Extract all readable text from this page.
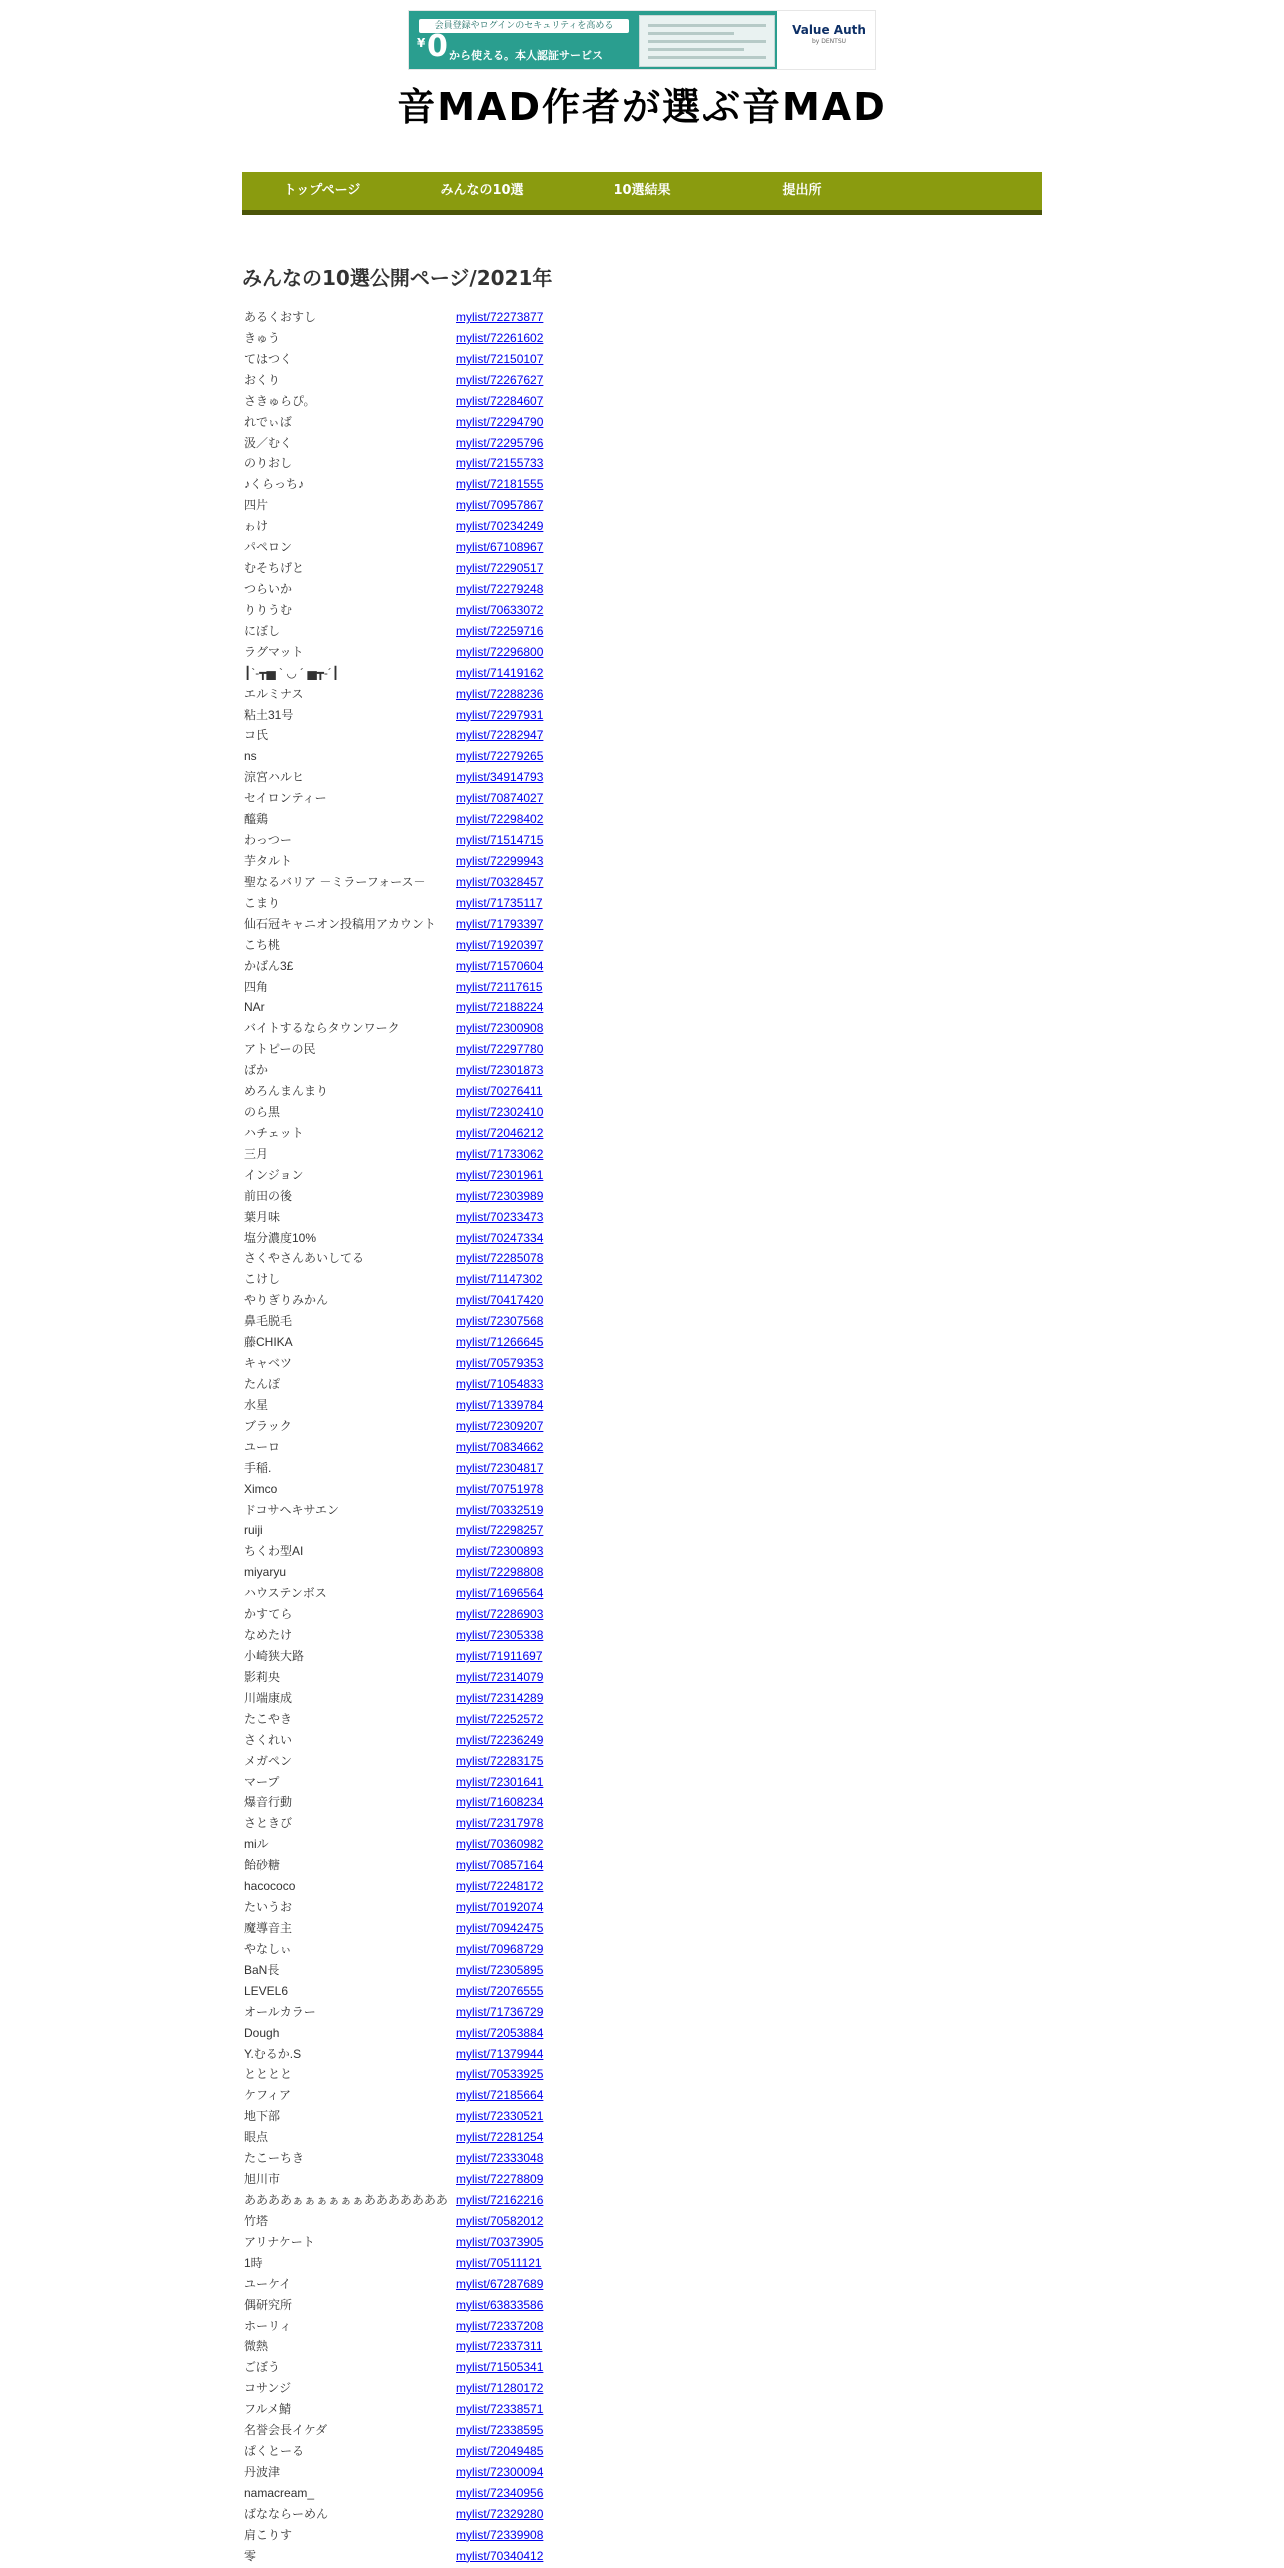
会員登録やログインのセキュリティを高める
¥ 0 から使える。本人認証サービス
Value Auth
by DENTSU
音MAD作者が選ぶ音MAD
トップページ	みんなの10選	10選結果	提出所
みんなの10選公開ページ/2021年
あるくおすし	mylist/72273877
きゅう	mylist/72261602
てはつく	mylist/72150107
おくり	mylist/72267627
さきゅらぴ。	mylist/72284607
れでぃば	mylist/72294790
汲／むく	mylist/72295796
のりおし	mylist/72155733
♪くらっち♪	mylist/72181555
四片	mylist/70957867
ゎけ	mylist/70234249
パペロン	mylist/67108967
むそちげと	mylist/72290517
つらいか	mylist/72279248
りりうむ	mylist/70633072
にぼし	mylist/72259716
ラグマット	mylist/72296800
┃`-┳▅ ` ◡ ´ ▅┳-´┃	mylist/71419162
エルミナス	mylist/72288236
粘土31号	mylist/72297931
コ氏	mylist/72282947
ns	mylist/72279265
涼宮ハルヒ	mylist/34914793
セイロンティー	mylist/70874027
醯鶏	mylist/72298402
わっつー	mylist/71514715
芋タルト	mylist/72299943
聖なるバリア －ミラーフォース－	mylist/70328457
こまり	mylist/71735117
仙石冠キャニオン投稿用アカウント	mylist/71793397
こち桃	mylist/71920397
かばん3£	mylist/71570604
四角	mylist/72117615
NAr	mylist/72188224
バイトするならタウンワーク	mylist/72300908
アトピーの民	mylist/72297780
ばか	mylist/72301873
めろんまんまり	mylist/70276411
のら黒	mylist/72302410
ハチェット	mylist/72046212
三月	mylist/71733062
インジョン	mylist/72301961
前田の後	mylist/72303989
葉月味	mylist/70233473
塩分濃度10%	mylist/70247334
さくやさんあいしてる	mylist/72285078
こけし	mylist/71147302
やりぎりみかん	mylist/70417420
鼻毛脱毛	mylist/72307568
藤CHIKA	mylist/71266645
キャベツ	mylist/70579353
たんぽ	mylist/71054833
水星	mylist/71339784
ブラック	mylist/72309207
ユーロ	mylist/70834662
手稲.	mylist/72304817
Ximco	mylist/70751978
ドコサヘキサエン	mylist/70332519
ruiji	mylist/72298257
ちくわ型AI	mylist/72300893
miyaryu	mylist/72298808
ハウステンボス	mylist/71696564
かすてら	mylist/72286903
なめたけ	mylist/72305338
小崎狭大路	mylist/71911697
影莉央	mylist/72314079
川端康成	mylist/72314289
たこやき	mylist/72252572
さくれい	mylist/72236249
メガペン	mylist/72283175
マープ	mylist/72301641
爆音行動	mylist/71608234
さときび	mylist/72317978
miル	mylist/70360982
飴砂糖	mylist/70857164
hacococo	mylist/72248172
たいうお	mylist/70192074
魔導音主	mylist/70942475
やなしぃ	mylist/70968729
BaN長	mylist/72305895
LEVEL6	mylist/72076555
オールカラー	mylist/71736729
Dough	mylist/72053884
Y.むるか.S	mylist/71379944
とととと	mylist/70533925
ケフィア	mylist/72185664
地下部	mylist/72330521
眼点	mylist/72281254
たこーちき	mylist/72333048
旭川市	mylist/72278809
ああああぁぁぁぁぁぁあああああああ mylist/72162216
竹塔	mylist/70582012
アリナケート	mylist/70373905
1時	mylist/70511121
ユーケイ	mylist/67287689
偶研究所	mylist/63833586
ホーリィ	mylist/72337208
微熱	mylist/72337311
ごぼう	mylist/71505341
コサンジ	mylist/71280172
フルメ鯖	mylist/72338571
名誉会長イケダ	mylist/72338595
ぱくとーる	mylist/72049485
丹波津	mylist/72300094
namacream_	mylist/72340956
ばなならーめん	mylist/72329280
肩こりす	mylist/72339908
零	mylist/70340412
